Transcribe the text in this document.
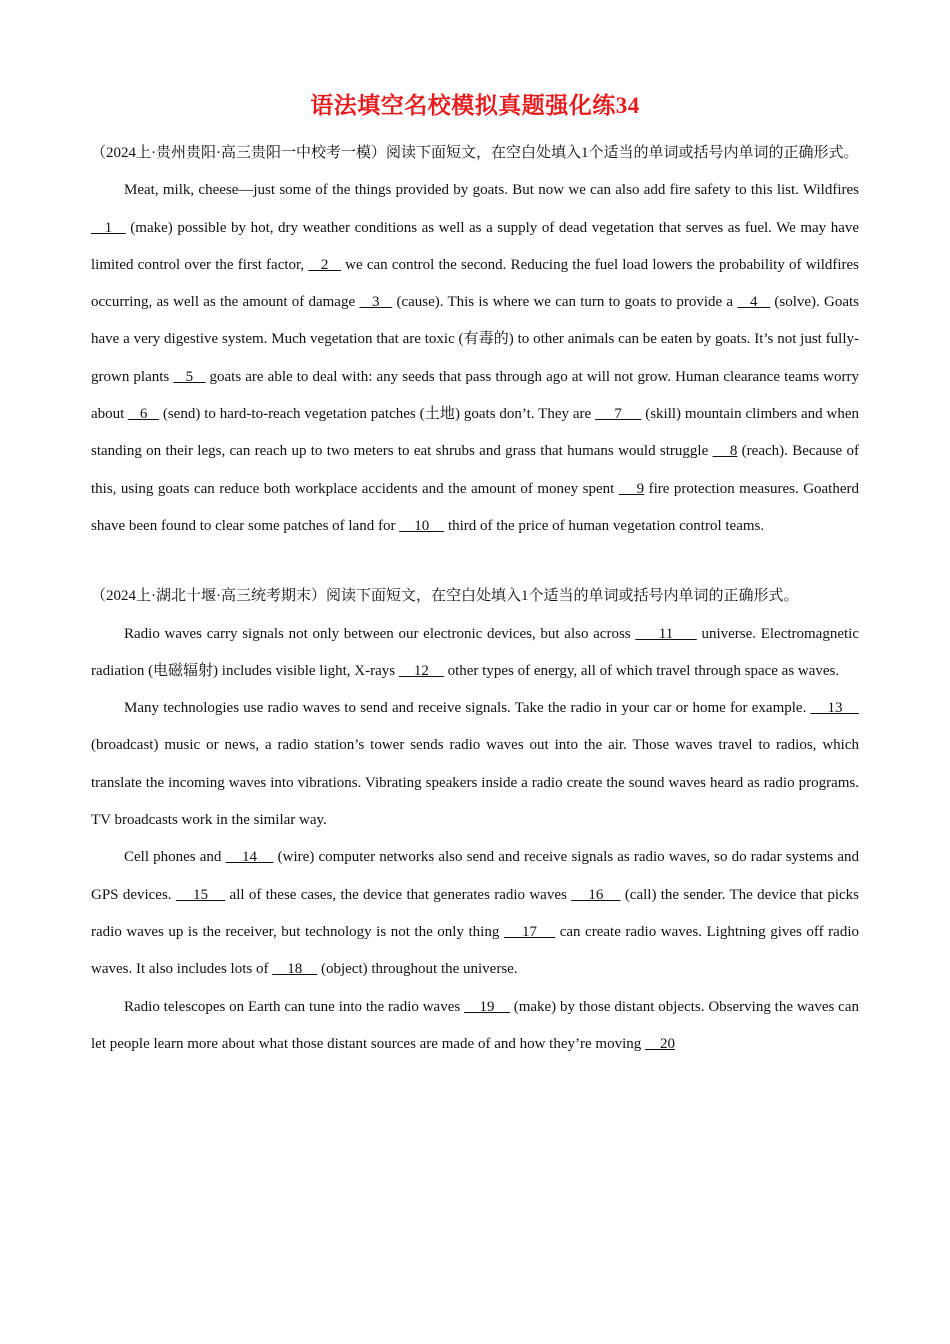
语法填空名校模拟真题强化练34

（2024上·贵州贵阳·高三贵阳一中校考一模）阅读下面短文，在空白处填入1个适当的单词或括号内单词的正确形式。

Meat, milk, cheese—just some of the things provided by goats. But now we can also add fire safety to this list. Wildfires    1    (make) possible by hot, dry weather conditions as well as a supply of dead vegetation that serves as fuel. We may have limited control over the first factor,    2    we can control the second. Reducing the fuel load lowers the probability of wildfires occurring, as well as the amount of damage    3    (cause). This is where we can turn to goats to provide a    4    (solve). Goats have a very digestive system. Much vegetation that are toxic (有毒的) to other animals can be eaten by goats. It’s not just fully-grown plants    5    goats are able to deal with: any seeds that pass through ago at will not grow. Human clearance teams worry about    6    (send) to hard-to-reach vegetation patches (土地) goats don’t. They are      7      (skill) mountain climbers and when standing on their legs, can reach up to two meters to eat shrubs and grass that humans would struggle     8 (reach). Because of this, using goats can reduce both workplace accidents and the amount of money spent     9 fire protection measures. Goatherd shave been found to clear some patches of land for     10     third of the price of human vegetation control teams.

（2024上·湖北十堰·高三统考期末）阅读下面短文，在空白处填入1个适当的单词或括号内单词的正确形式。

Radio waves carry signals not only between our electronic devices, but also across      11      universe. Electromagnetic radiation (电磁辐射) includes visible light, X-rays     12     other types of energy, all of which travel through space as waves.

Many technologies use radio waves to send and receive signals. Take the radio in your car or home for example.     13     (broadcast) music or news, a radio station’s tower sends radio waves out into the air. Those waves travel to radios, which translate the incoming waves into vibrations. Vibrating speakers inside a radio create the sound waves heard as radio programs. TV broadcasts work in the similar way.

Cell phones and     14     (wire) computer networks also send and receive signals as radio waves, so do radar systems and GPS devices.     15     all of these cases, the device that generates radio waves     16     (call) the sender. The device that picks radio waves up is the receiver, but technology is not the only thing     17     can create radio waves. Lightning gives off radio waves. It also includes lots of     18     (object) throughout the universe.

Radio telescopes on Earth can tune into the radio waves     19     (make) by those distant objects. Observing the waves can let people learn more about what those distant sources are made of and how they’re moving     20
